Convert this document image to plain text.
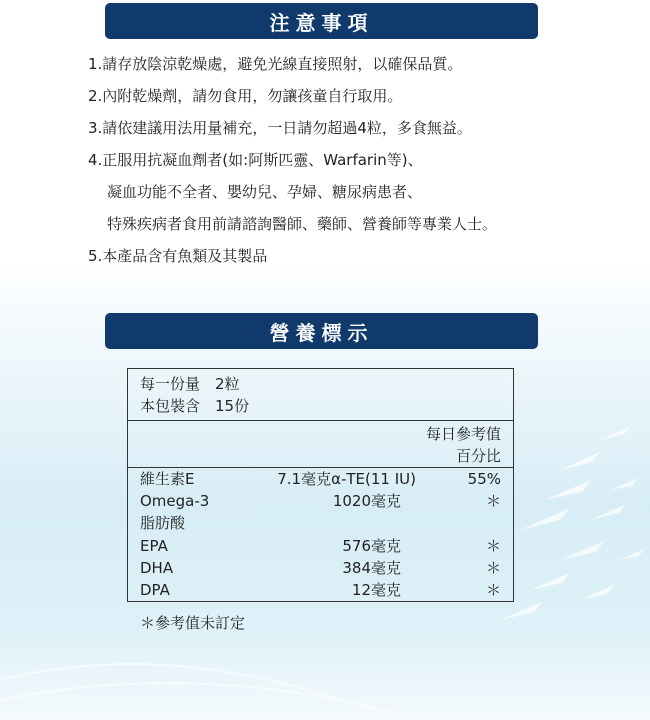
注意事項
1.請存放陰涼乾燥處，避免光線直接照射，以確保品質。
2.內附乾燥劑，請勿食用，勿讓孩童自行取用。
3.請依建議用法用量補充，一日請勿超過4粒，多食無益。
4.正服用抗凝血劑者(如:阿斯匹靈、Warfarin等)、
凝血功能不全者、嬰幼兒、孕婦、糖尿病患者、
特殊疾病者食用前請諮詢醫師、藥師、營養師等專業人士。
5.本產品含有魚類及其製品
營養標示
每一份量　2粒
本包裝含　15份
每日參考值
百分比
維生素E	7.1毫克α-TE(11 IU)	55%
Omega-3	1020毫克	＊
脂肪酸
EPA	576毫克	＊
DHA	384毫克	＊
DPA	12毫克	＊
＊參考值未訂定
